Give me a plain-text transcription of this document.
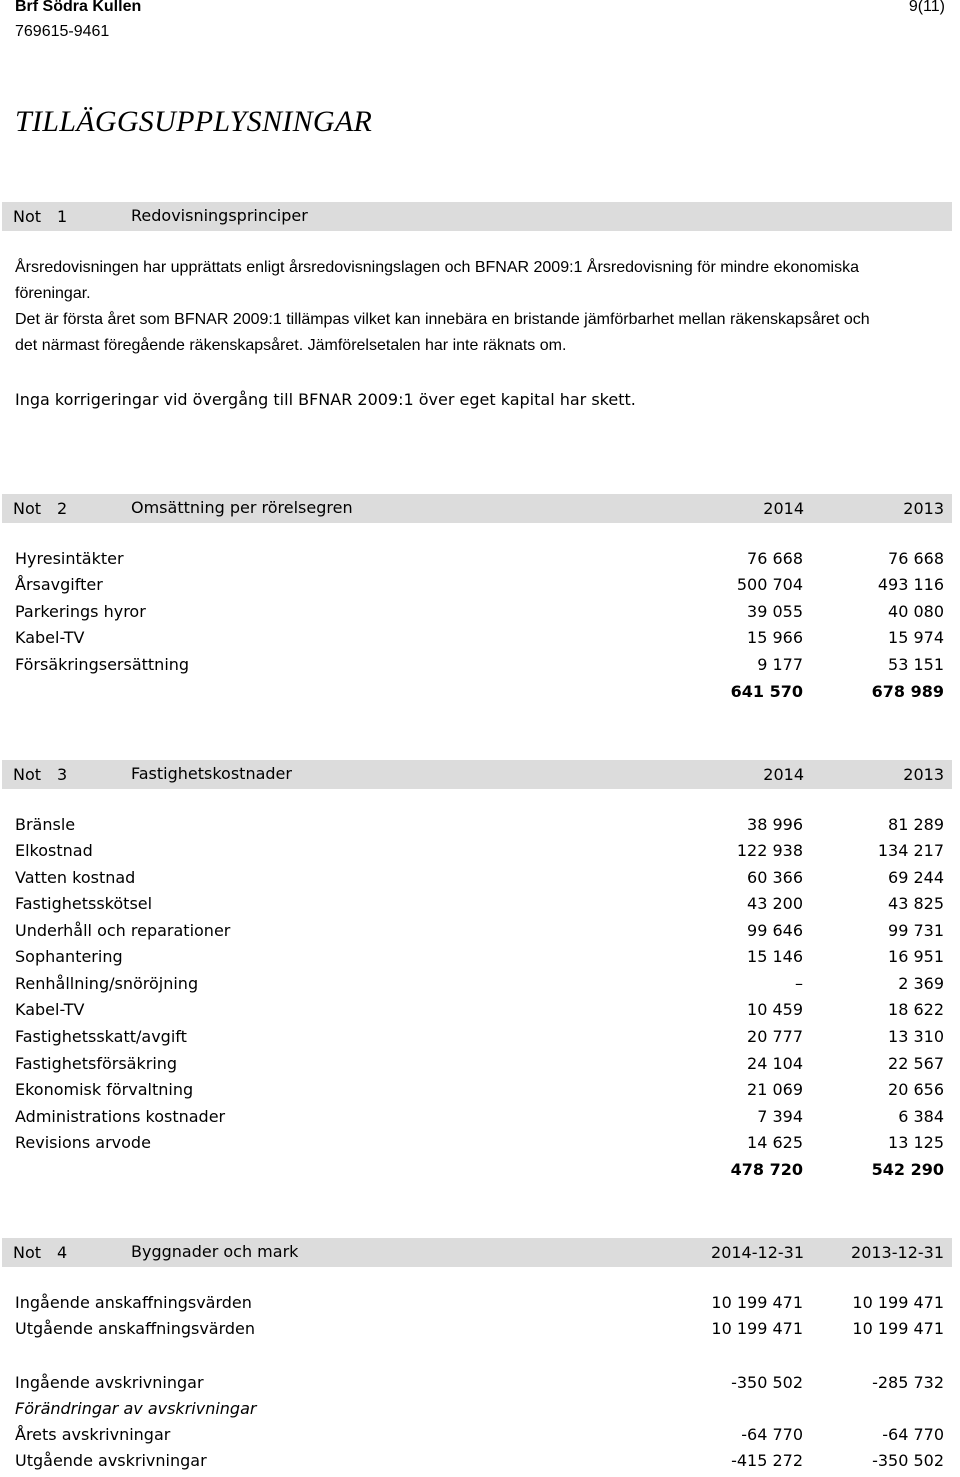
Brf Södra Kullen	9(11)
769615-9461
TILLÄGGSUPPLYSNINGAR
Not 1	Redovisningsprinciper
Årsredovisningen har upprättats enligt årsredovisningslagen och BFNAR 2009:1 Årsredovisning för mindre ekonomiska
föreningar.
Det är första året som BFNAR 2009:1 tillämpas vilket kan innebära en bristande jämförbarhet mellan räkenskapsåret och
det närmast föregående räkenskapsåret. Jämförelsetalen har inte räknats om.
Inga korrigeringar vid övergång till BFNAR 2009:1 över eget kapital har skett.
Not 2	Omsättning per rörelsegren	2014	2013
Hyresintäkter	76 668	76 668
Årsavgifter	500 704	493 116
Parkerings hyror	39 055	40 080
Kabel-TV	15 966	15 974
Försäkringsersättning	9 177	53 151
641 570	678 989
Not 3	Fastighetskostnader	2014	2013
Bränsle	38 996	81 289
Elkostnad	122 938	134 217
Vatten kostnad	60 366	69 244
Fastighetsskötsel	43 200	43 825
Underhåll och reparationer	99 646	99 731
Sophantering	15 146	16 951
Renhållning/snöröjning	–	2 369
Kabel-TV	10 459	18 622
Fastighetsskatt/avgift	20 777	13 310
Fastighetsförsäkring	24 104	22 567
Ekonomisk förvaltning	21 069	20 656
Administrations kostnader	7 394	6 384
Revisions arvode	14 625	13 125
478 720	542 290
Not 4	Byggnader och mark	2014-12-31	2013-12-31
Ingående anskaffningsvärden	10 199 471	10 199 471
Utgående anskaffningsvärden	10 199 471	10 199 471
Ingående avskrivningar	-350 502	-285 732
Förändringar av avskrivningar
Årets avskrivningar	-64 770	-64 770
Utgående avskrivningar	-415 272	-350 502
